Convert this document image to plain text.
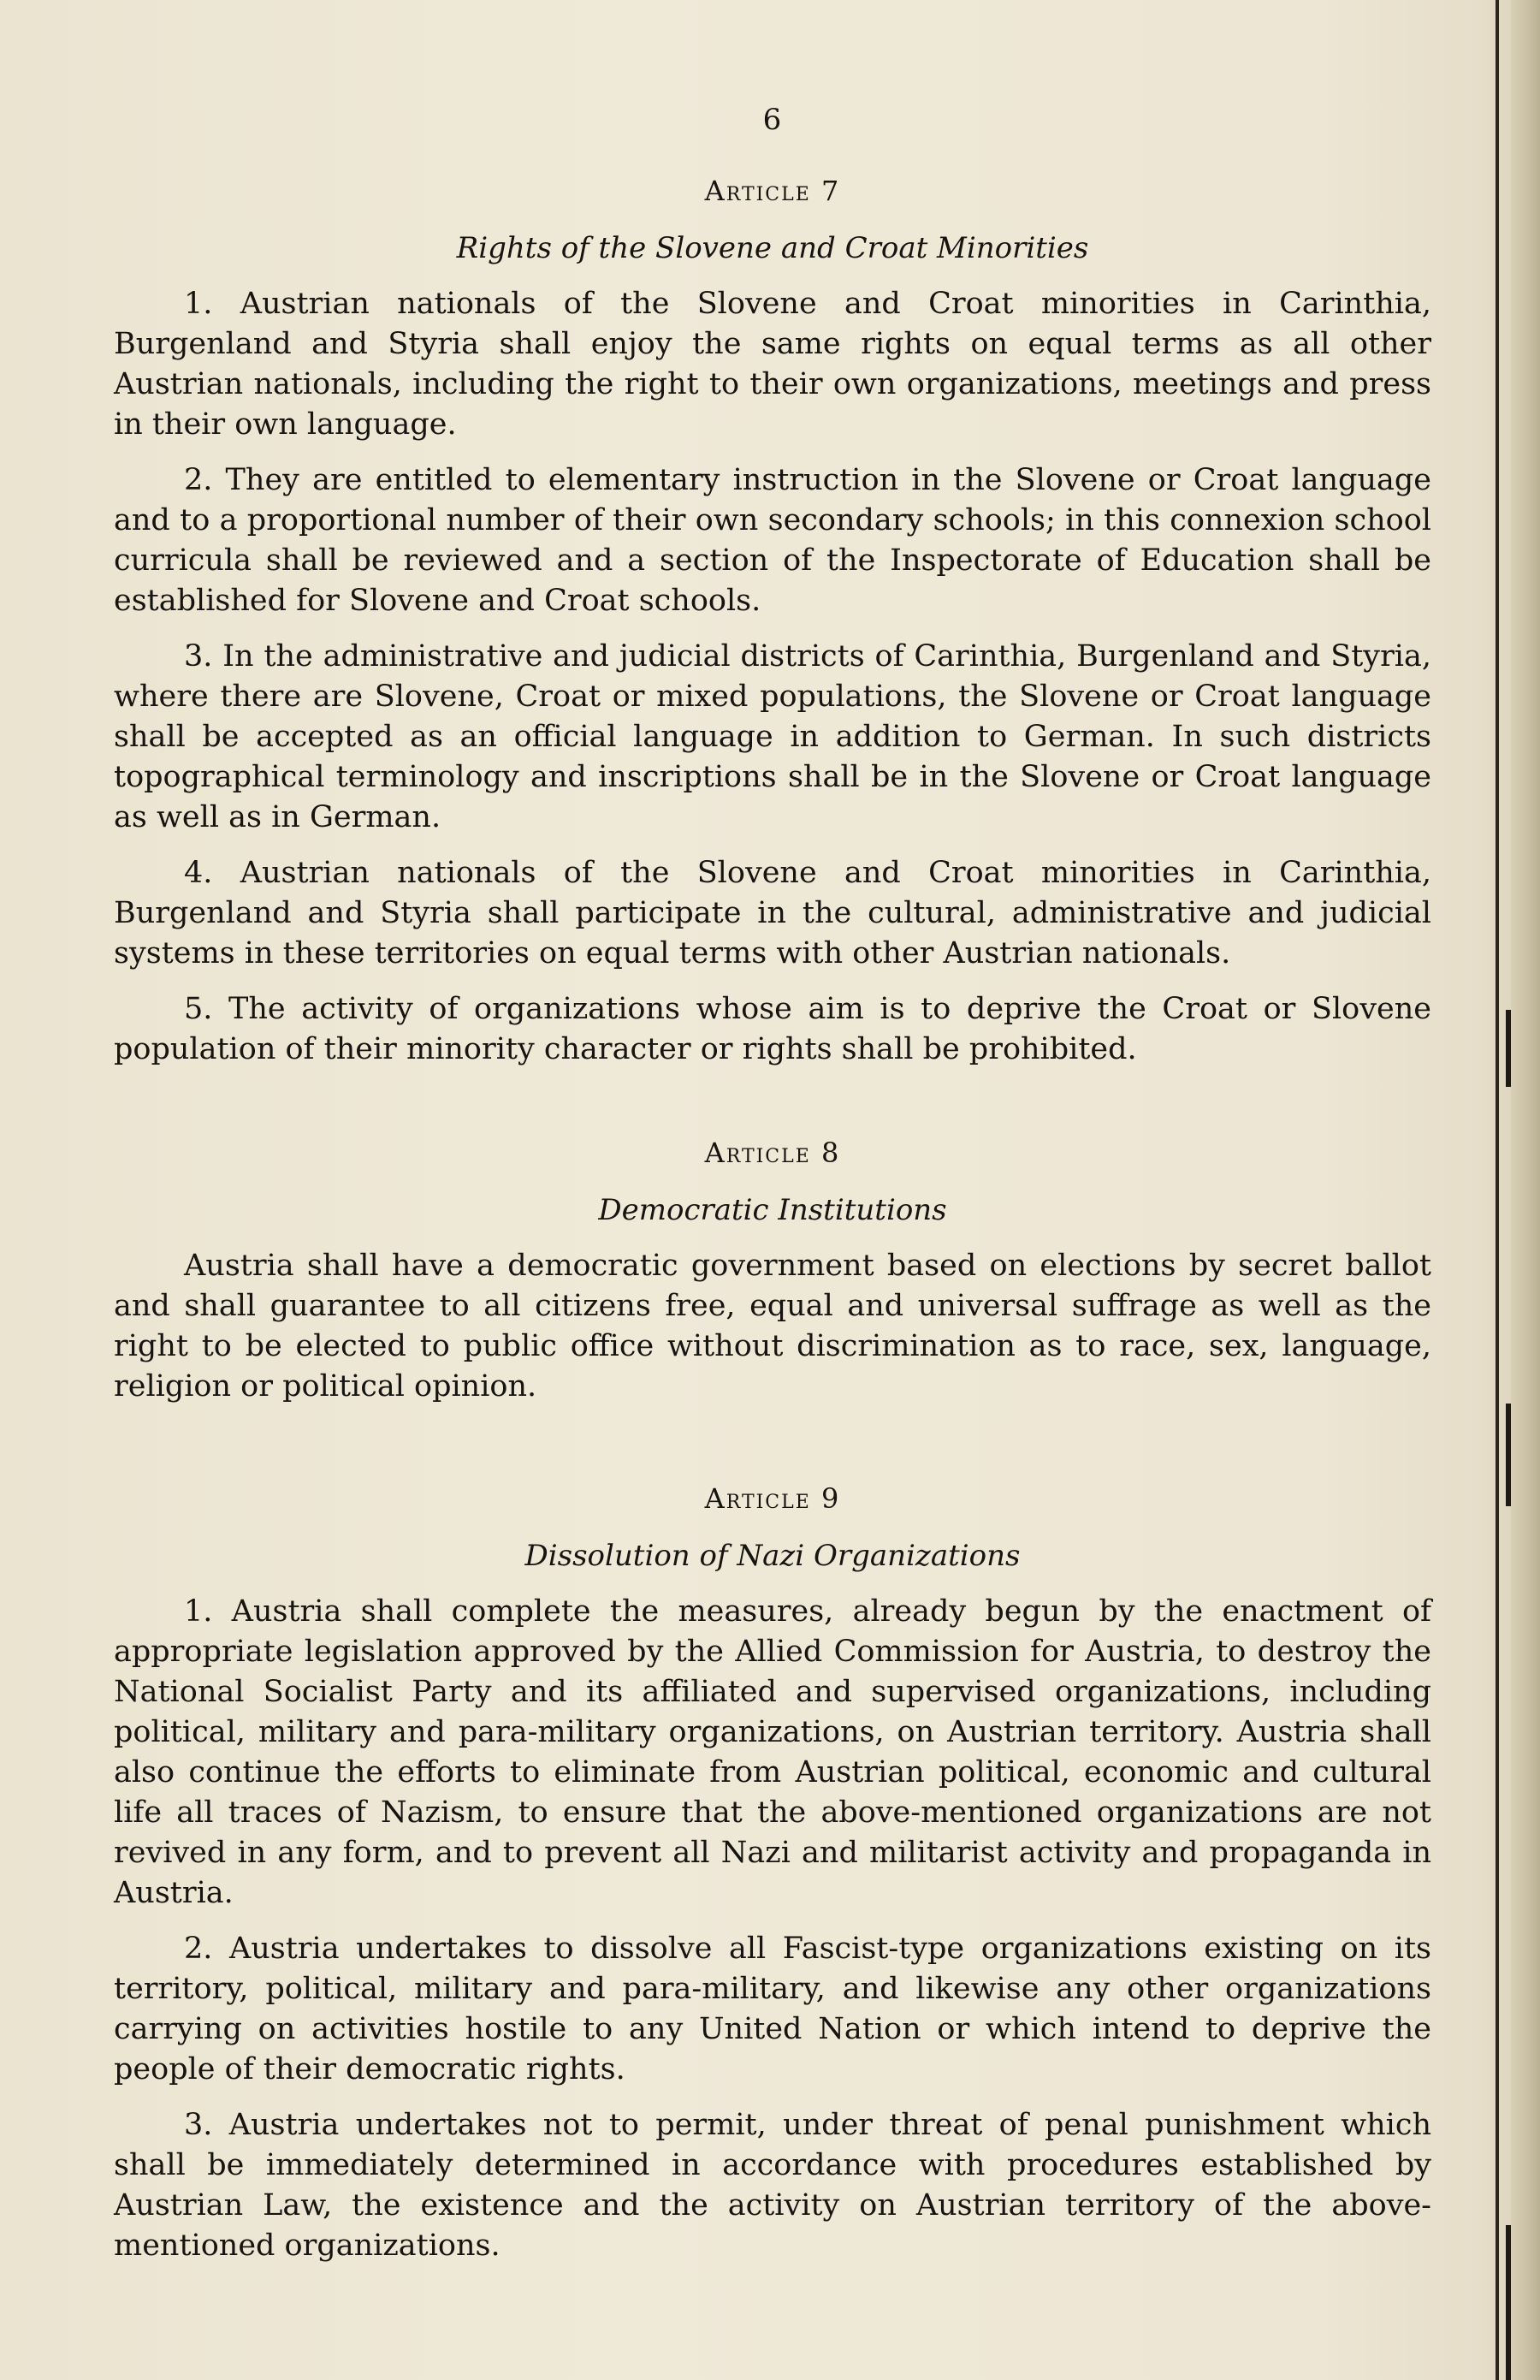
6
Article 7
Rights of the Slovene and Croat Minorities

1. Austrian nationals of the Slovene and Croat minorities in Carinthia, Burgenland and Styria shall enjoy the same rights on equal terms as all other Austrian nationals, including the right to their own organizations, meetings and press in their own language.

2. They are entitled to elementary instruction in the Slovene or Croat language and to a proportional number of their own secondary schools; in this connexion school curricula shall be reviewed and a section of the Inspectorate of Education shall be established for Slovene and Croat schools.

3. In the administrative and judicial districts of Carinthia, Burgenland and Styria, where there are Slovene, Croat or mixed populations, the Slovene or Croat language shall be accepted as an official language in addition to German. In such districts topographical terminology and inscriptions shall be in the Slovene or Croat language as well as in German.

4. Austrian nationals of the Slovene and Croat minorities in Carinthia, Burgenland and Styria shall participate in the cultural, administrative and judicial systems in these territories on equal terms with other Austrian nationals.

5. The activity of organizations whose aim is to deprive the Croat or Slovene population of their minority character or rights shall be prohibited.

Article 8
Democratic Institutions

Austria shall have a democratic government based on elections by secret ballot and shall guarantee to all citizens free, equal and universal suffrage as well as the right to be elected to public office without discrimination as to race, sex, language, religion or political opinion.

Article 9
Dissolution of Nazi Organizations

1. Austria shall complete the measures, already begun by the enactment of appropriate legislation approved by the Allied Commission for Austria, to destroy the National Socialist Party and its affiliated and supervised organizations, including political, military and para-military organizations, on Austrian territory. Austria shall also continue the efforts to eliminate from Austrian political, economic and cultural life all traces of Nazism, to ensure that the above-mentioned organizations are not revived in any form, and to prevent all Nazi and militarist activity and propaganda in Austria.

2. Austria undertakes to dissolve all Fascist-type organizations existing on its territory, political, military and para-military, and likewise any other organizations carrying on activities hostile to any United Nation or which intend to deprive the people of their democratic rights.

3. Austria undertakes not to permit, under threat of penal punishment which shall be immediately determined in accordance with procedures established by Austrian Law, the existence and the activity on Austrian territory of the above-mentioned organizations.
